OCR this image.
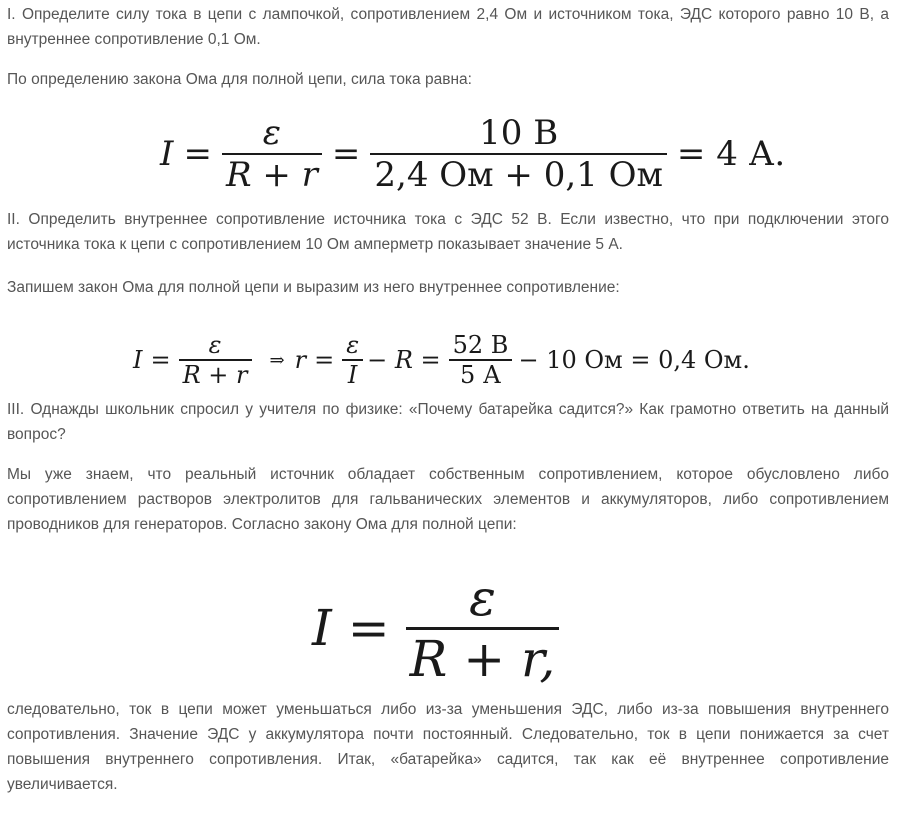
I. Определите силу тока в цепи с лампочкой, сопротивлением 2,4 Ом и источником тока, ЭДС которого равно 10 В, а внутреннее сопротивление 0,1 Ом.

По определению закона Ома для полной цепи, сила тока равна:

$I = \frac{\varepsilon}{R + r} = \frac{10 В}{2,4 Ом + 0,1 Ом} = 4$ А.

II. Определить внутреннее сопротивление источника тока с ЭДС 52 В. Если известно, что при подключении этого источника тока к цепи с сопротивлением 10 Ом амперметр показывает значение 5 А.

Запишем закон Ома для полной цепи и выразим из него внутреннее сопротивление:

$I = \frac{\varepsilon}{R + r}$	⇒ $r = \frac{\varepsilon}{I} - R = \frac{52 В}{5 А} - 10$ Ом = 0,4 Ом.

III. Однажды школьник спросил у учителя по физике: «Почему батарейка садится?» Как грамотно ответить на данный вопрос?

Мы уже знаем, что реальный источник обладает собственным сопротивлением, которое обусловлено либо сопротивлением растворов электролитов для гальванических элементов и аккумуляторов, либо сопротивлением проводников для генераторов. Согласно закону Ома для полной цепи:

$I = \frac{\varepsilon}{R + r,}$

следовательно, ток в цепи может уменьшаться либо из-за уменьшения ЭДС, либо из-за повышения внутреннего сопротивления. Значение ЭДС у аккумулятора почти постоянный. Следовательно, ток в цепи понижается за счет повышения внутреннего сопротивления. Итак, «батарейка» садится, так как её внутреннее сопротивление увеличивается.
